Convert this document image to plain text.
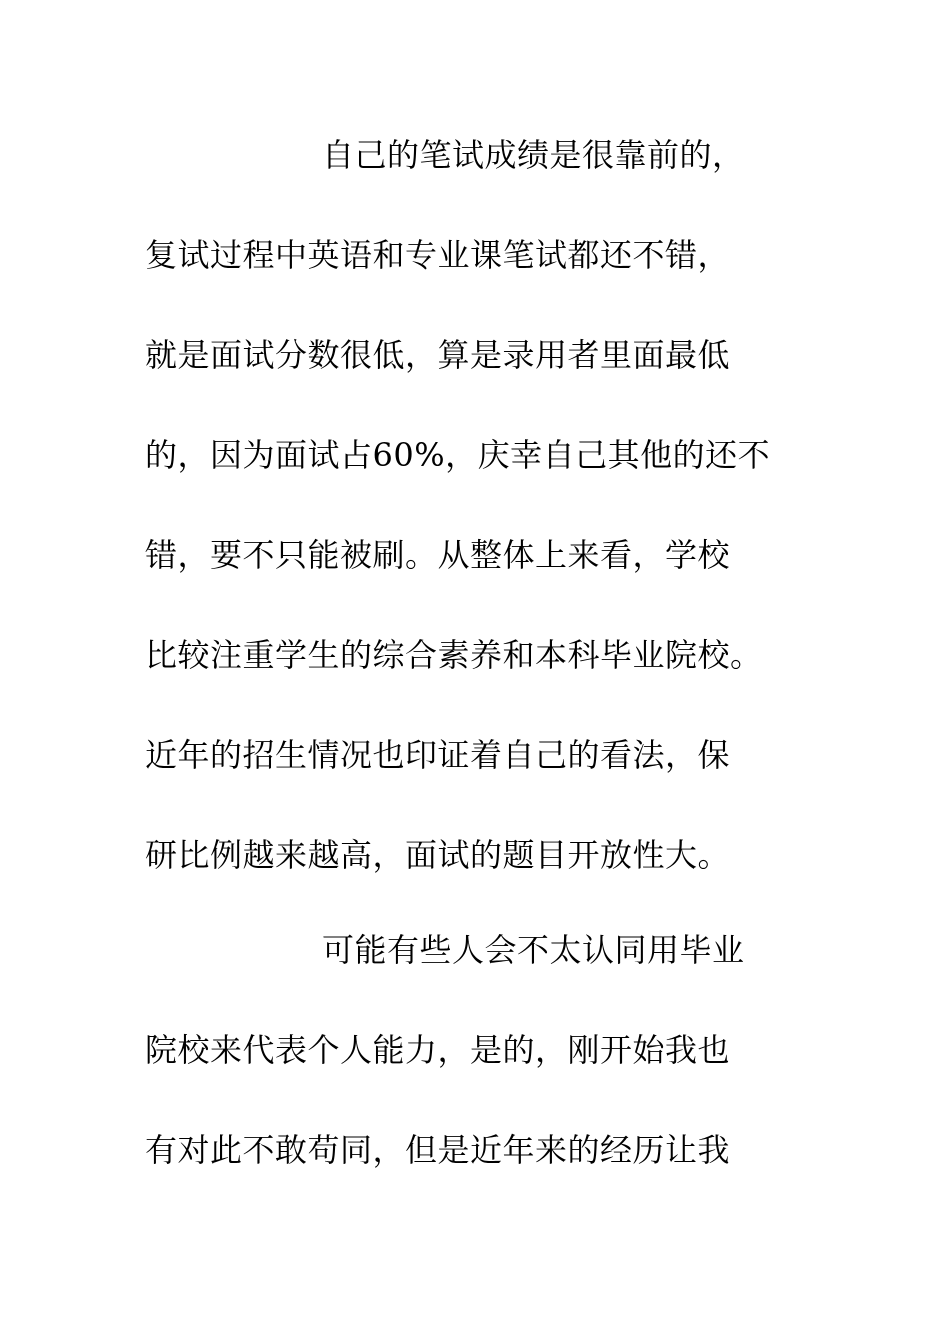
自己的笔试成绩是很靠前的，

复试过程中英语和专业课笔试都还不错，

就是面试分数很低，算是录用者里面最低

的，因为面试占60%，庆幸自己其他的还不

错，要不只能被刷。从整体上来看，学校

比较注重学生的综合素养和本科毕业院校。

近年的招生情况也印证着自己的看法，保

研比例越来越高，面试的题目开放性大。

可能有些人会不太认同用毕业

院校来代表个人能力，是的，刚开始我也

有对此不敢苟同，但是近年来的经历让我
